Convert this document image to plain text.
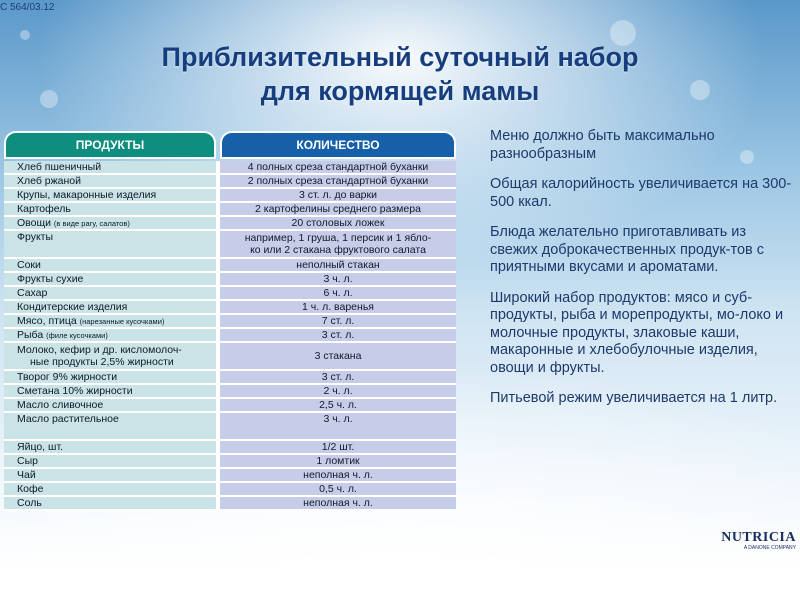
С 564/03.12
Приблизительный суточный набор
для кормящей мамы
ПРОДУКТЫ	КОЛИЧЕСТВО
Хлеб пшеничный	4 полных среза стандартной буханки
Хлеб ржаной	2 полных среза стандартной буханки
Крупы, макаронные изделия	3 ст. л. до варки
Картофель	2 картофелины среднего размера
Овощи (в виде рагу, салатов)	20 столовых ложек
Фрукты	например, 1 груша, 1 персик и 1 ябло-
ко или 2 стакана фруктового салата
Соки	неполный стакан
Фрукты сухие	3 ч. л.
Сахар	6 ч. л.
Кондитерские изделия	1 ч. л. варенья
Мясо, птица (нарезанные кусочками)	7 ст. л.
Рыба (филе кусочками)	3 ст. л.
Молоко, кефир и др. кисломолоч-
ные продукты 2,5% жирности	3 стакана
Творог 9% жирности	3 ст. л.
Сметана 10% жирности	2 ч. л.
Масло сливочное	2,5 ч. л.
Масло растительное	3 ч. л.
Яйцо, шт.	1/2 шт.
Сыр	1 ломтик
Чай	неполная ч. л.
Кофе	0,5 ч. л.
Соль	неполная ч. л.

Меню должно быть максимально разнообразным

Общая калорийность увеличивается на 300-500 ккал.

Блюда желательно приготавливать из свежих доброкачественных продук-тов с приятными вкусами и ароматами.

Широкий набор продуктов: мясо и суб-продукты, рыба и морепродукты, мо-локо и молочные продукты, злаковые каши, макаронные и хлебобулочные изделия, овощи и фрукты.

Питьевой режим увеличивается на 1 литр.

NUTRICIA
A DANONE COMPANY
